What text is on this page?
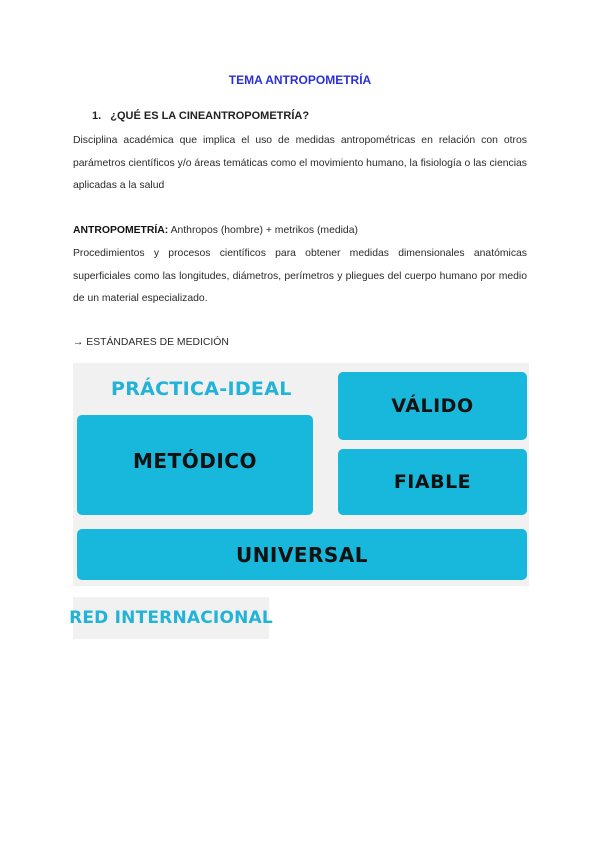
TEMA ANTROPOMETRÍA
1. ¿QUÉ ES LA CINEANTROPOMETRÍA?
Disciplina académica que implica el uso de medidas antropométricas en relación con otros parámetros científicos y/o áreas temáticas como el movimiento humano, la fisiología o las ciencias aplicadas a la salud
ANTROPOMETRÍA: Anthropos (hombre) + metrikos (medida)
Procedimientos y procesos científicos para obtener medidas dimensionales anatómicas superficiales como las longitudes, diámetros, perímetros y pliegues del cuerpo humano por medio de un material especializado.
→ ESTÁNDARES DE MEDICIÓN
PRÁCTICA-IDEAL
VÁLIDO
METÓDICO
FIABLE
UNIVERSAL
RED INTERNACIONAL
